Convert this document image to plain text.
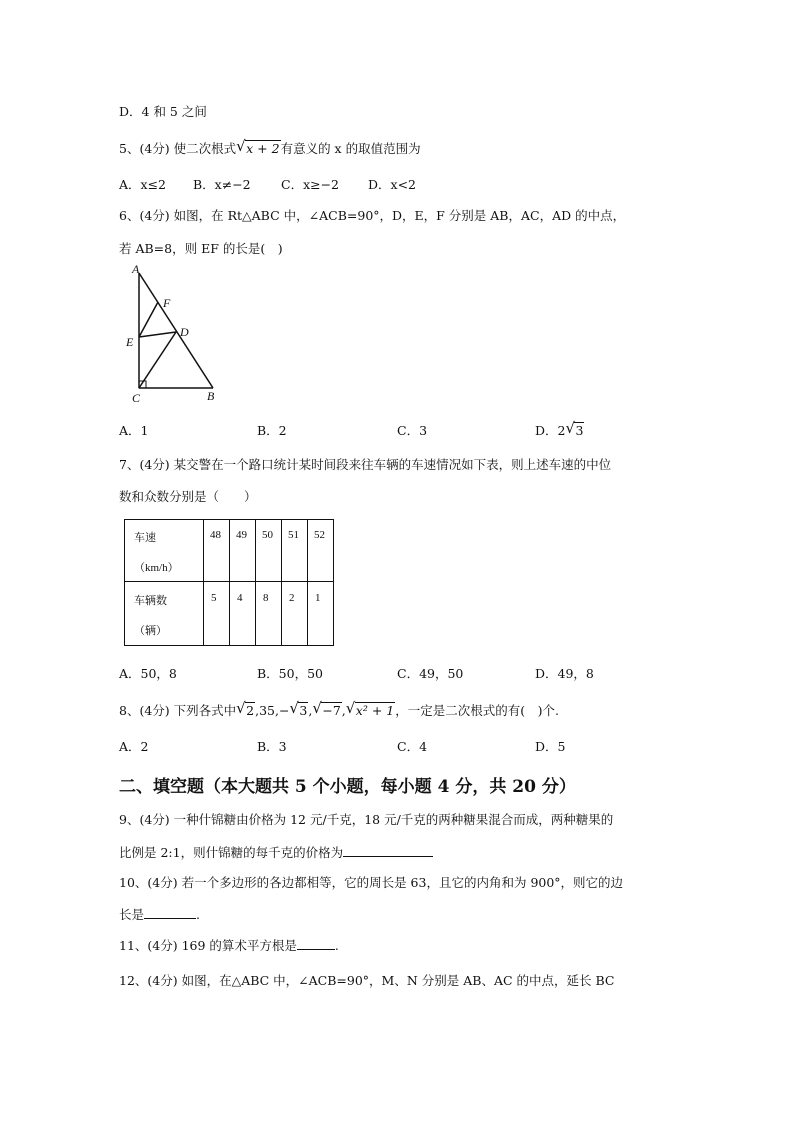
D．4 和 5 之间
5、(4分) 使二次根式 √ x + 2有意义的 x 的取值范围为
A．x≤2 B．x≠−2 C．x≥−2 D．x<2
6、(4分) 如图，在 Rt△ABC 中，∠ACB=90°，D，E，F 分别是 AB，AC，AD 的中点，
若 AB=8，则 EF 的长是(　)
A
F
D
E
C	B
A．1	B．2	C．3	D．2 √ 3
7、(4分) 某交警在一个路口统计某时间段来往车辆的车速情况如下表，则上述车速的中位
数和众数分别是（　　）
车速
（km/h）	48	49	50	51	52

车辆数
（辆）	5	4	8	2	1
A．50，8	B．50，50	C．49，50	D．49，8
8、(4分) 下列各式中 √ 2,35,− √ 3, √ −7, √ x² + 1，一定是二次根式的有(　)个.
A．2	B．3	C．4	D．5
二、填空题（本大题共 5 个小题，每小题 4 分，共 20 分）
9、(4分) 一种什锦糖由价格为 12 元/千克，18 元/千克的两种糖果混合而成，两种糖果的
比例是 2:1，则什锦糖的每千克的价格为
10、(4分) 若一个多边形的各边都相等，它的周长是 63，且它的内角和为 900°，则它的边
长是	.
11、(4分) 169 的算术平方根是	.
12、(4分) 如图，在△ABC 中，∠ACB=90°，M、N 分别是 AB、AC 的中点，延长 BC
